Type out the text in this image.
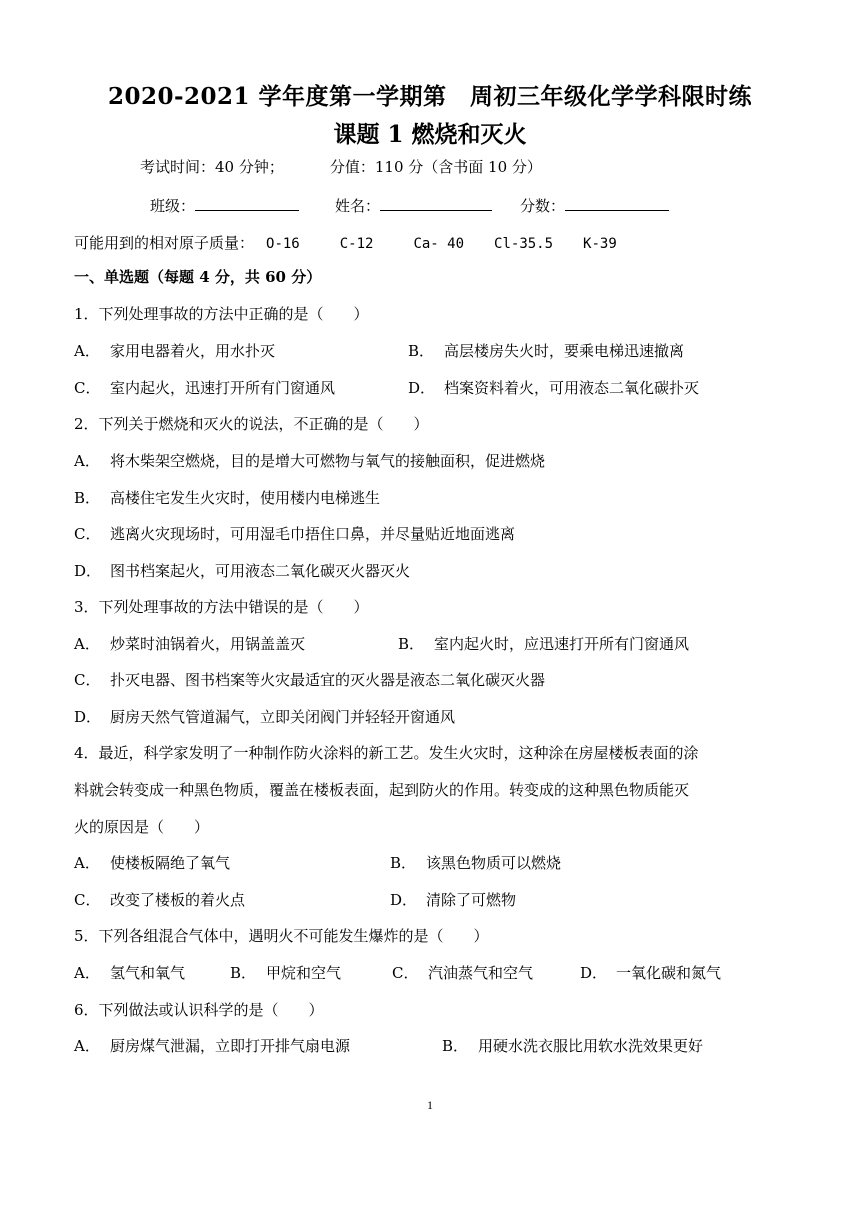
2020-2021 学年度第一学期第　周初三年级化学学科限时练
课题 1 燃烧和灭火
考试时间：40 分钟；	分值：110 分（含书面 10 分）
班级：	姓名：	分数：
可能用到的相对原子质量： O-16	C-12	Ca- 40 Cl-35.5 K-39
一、单选题（每题 4 分，共 60 分）
1．下列处理事故的方法中正确的是（　　）
A． 家用电器着火，用水扑灭	B． 高层楼房失火时，要乘电梯迅速撤离
C． 室内起火，迅速打开所有门窗通风	D． 档案资料着火，可用液态二氧化碳扑灭
2．下列关于燃烧和灭火的说法，不正确的是（　　）
A． 将木柴架空燃烧，目的是增大可燃物与氧气的接触面积，促进燃烧
B． 高楼住宅发生火灾时，使用楼内电梯逃生
C． 逃离火灾现场时，可用湿毛巾捂住口鼻，并尽量贴近地面逃离
D． 图书档案起火，可用液态二氧化碳灭火器灭火
3．下列处理事故的方法中错误的是（　　）
A． 炒菜时油锅着火，用锅盖盖灭	B． 室内起火时，应迅速打开所有门窗通风
C． 扑灭电器、图书档案等火灾最适宜的灭火器是液态二氧化碳灭火器
D． 厨房天然气管道漏气，立即关闭阀门并轻轻开窗通风
4．最近，科学家发明了一种制作防火涂料的新工艺。发生火灾时，这种涂在房屋楼板表面的涂
料就会转变成一种黑色物质，覆盖在楼板表面，起到防火的作用。转变成的这种黑色物质能灭
火的原因是（　　）
A． 使楼板隔绝了氧气	B． 该黑色物质可以燃烧
C． 改变了楼板的着火点	D． 清除了可燃物
5．下列各组混合气体中，遇明火不可能发生爆炸的是（　　）
A． 氢气和氧气	B． 甲烷和空气	C． 汽油蒸气和空气	D． 一氧化碳和氮气
6．下列做法或认识科学的是（　　）
A． 厨房煤气泄漏，立即打开排气扇电源	B． 用硬水洗衣服比用软水洗效果更好
1
